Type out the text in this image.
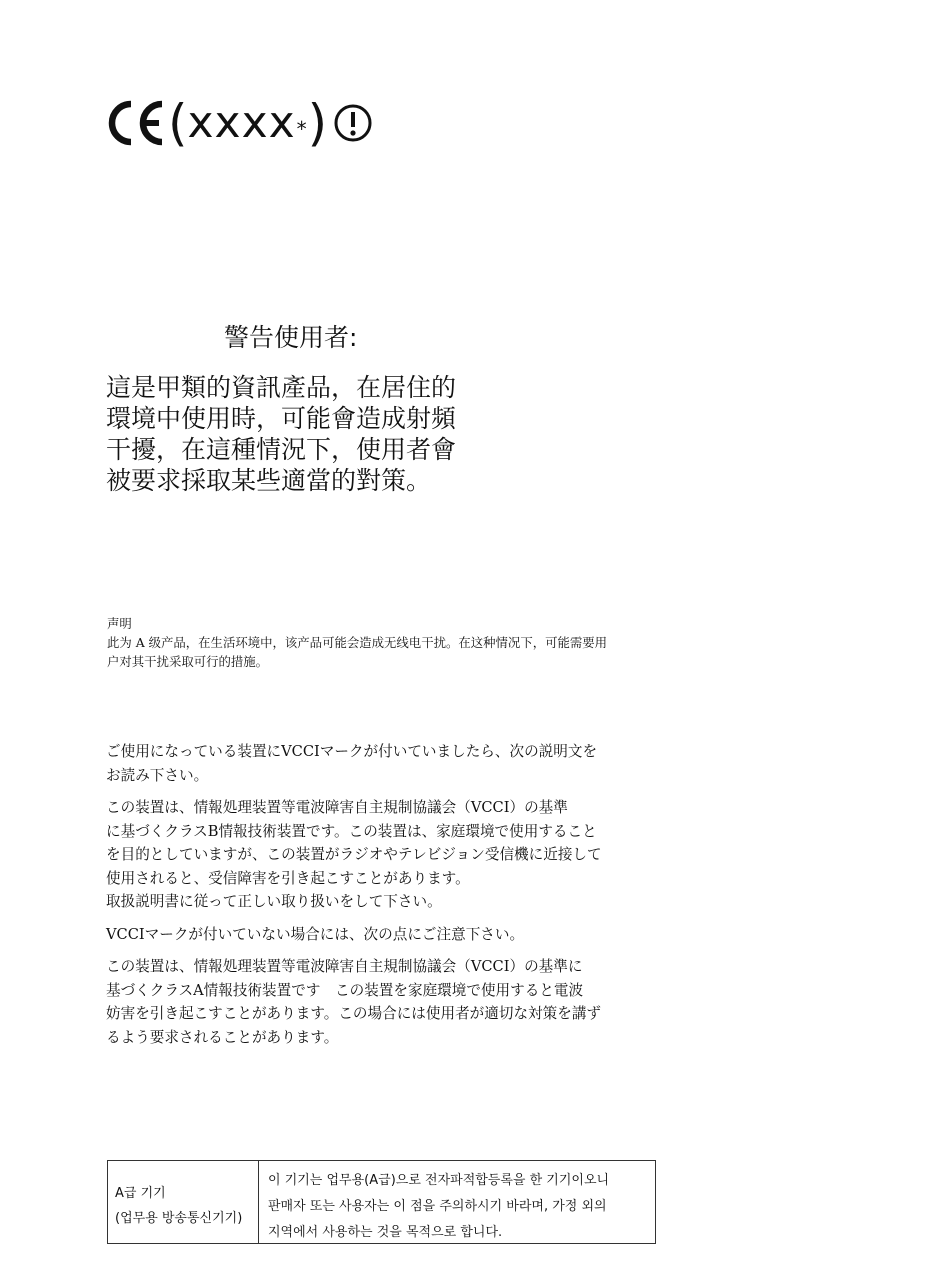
( xxxx * )
警告使用者:
這是甲類的資訊產品，在居住的
環境中使用時，可能會造成射頻
干擾，在這種情況下，使用者會
被要求採取某些適當的對策。
声明
此为 A 级产品，在生活环境中，该产品可能会造成无线电干扰。在这种情况下，可能需要用
户对其干扰采取可行的措施。
ご使用になっている装置にVCCIマークが付いていましたら、次の説明文を
お読み下さい。
この装置は、情報処理装置等電波障害自主規制協議会（VCCI）の基準
に基づくクラスB情報技術装置です。この装置は、家庭環境で使用すること
を目的としていますが、この装置がラジオやテレビジョン受信機に近接して
使用されると、受信障害を引き起こすことがあります。
取扱説明書に従って正しい取り扱いをして下さい。
VCCIマークが付いていない場合には、次の点にご注意下さい。
この装置は、情報処理装置等電波障害自主規制協議会（VCCI）の基準に
基づくクラスA情報技術装置です　この装置を家庭環境で使用すると電波
妨害を引き起こすことがあります。この場合には使用者が適切な対策を講ず
るよう要求されることがあります。
A급 기기
(업무용 방송통신기기)
이 기기는 업무용(A급)으로 전자파적합등록을 한 기기이오니
판매자 또는 사용자는 이 점을 주의하시기 바라며, 가정 외의
지역에서 사용하는 것을 목적으로 합니다.
